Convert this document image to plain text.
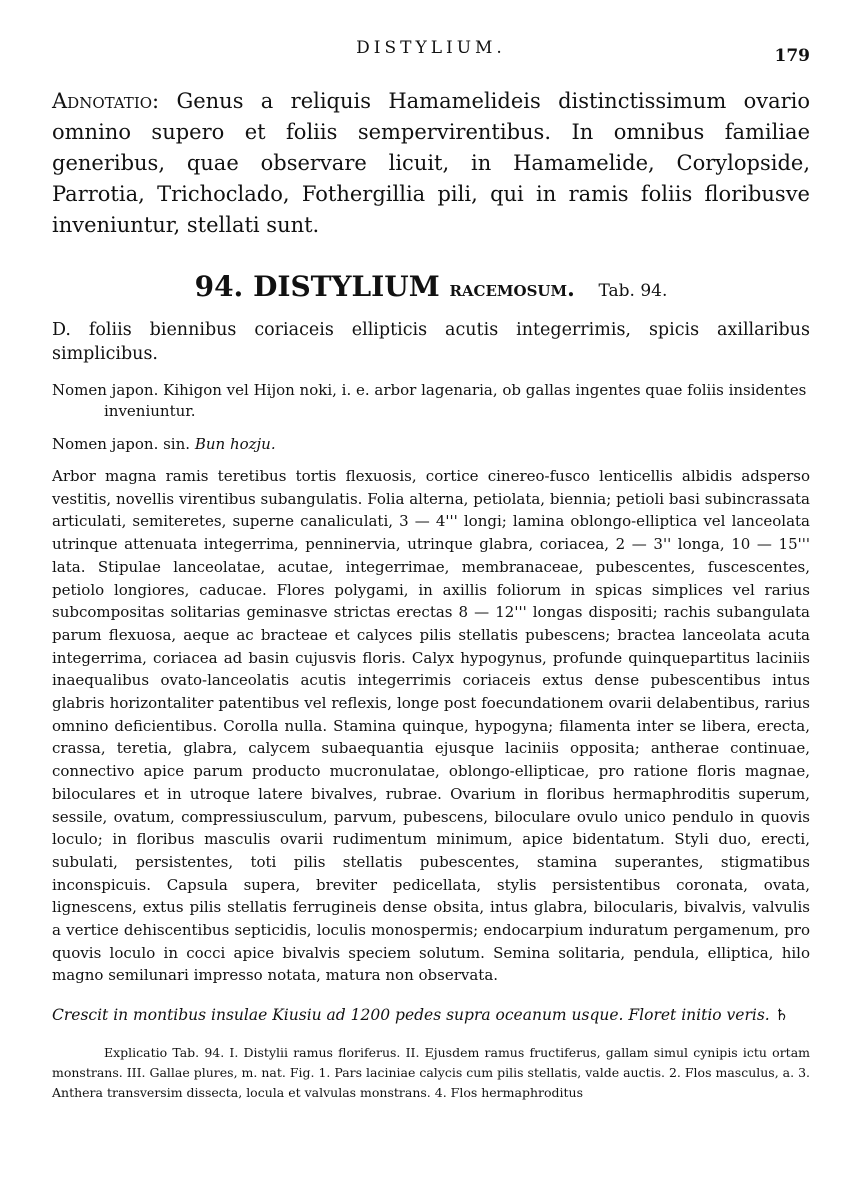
DISTYLIUM.	179

Adnotatio: Genus a reliquis Hamamelideis distinctissimum ovario omnino supero et foliis sempervirentibus. In omnibus familiae generibus, quae observare licuit, in Hamamelide, Corylopside, Parrotia, Trichoclado, Fothergillia pili, qui in ramis foliis floribusve inveniuntur, stellati sunt.

94. DISTYLIUM racemosum. Tab. 94.
D. foliis biennibus coriaceis ellipticis acutis integerrimis, spicis axillaribus simplicibus.
Nomen japon. Kihigon vel Hijon noki, i. e. arbor lagenaria, ob gallas ingentes quae foliis insidentes inveniuntur.
Nomen japon. sin. Bun hozju.

Arbor magna ramis teretibus tortis flexuosis, cortice cinereo-fusco lenticellis albidis adsperso vestitis, novellis virentibus subangulatis. Folia alterna, petiolata, biennia; petioli basi subincrassata articulati, semiteretes, superne canaliculati, 3 — 4''' longi; lamina oblongo-elliptica vel lanceolata utrinque attenuata integerrima, penninervia, utrinque glabra, coriacea, 2 — 3'' longa, 10 — 15''' lata. Stipulae lanceolatae, acutae, integerrimae, membranaceae, pubescentes, fuscescentes, petiolo longiores, caducae. Flores polygami, in axillis foliorum in spicas simplices vel rarius subcompositas solitarias geminasve strictas erectas 8 — 12''' longas dispositi; rachis subangulata parum flexuosa, aeque ac bracteae et calyces pilis stellatis pubescens; bractea lanceolata acuta integerrima, coriacea ad basin cujusvis floris. Calyx hypogynus, profunde quinquepartitus laciniis inaequalibus ovato-lanceolatis acutis integerrimis coriaceis extus dense pubescentibus intus glabris horizontaliter patentibus vel reflexis, longe post foecundationem ovarii delabentibus, rarius omnino deficientibus. Corolla nulla. Stamina quinque, hypogyna; filamenta inter se libera, erecta, crassa, teretia, glabra, calycem subaequantia ejusque laciniis opposita; antherae continuae, connectivo apice parum producto mucronulatae, oblongo-ellipticae, pro ratione floris magnae, biloculares et in utroque latere bivalves, rubrae. Ovarium in floribus hermaphroditis superum, sessile, ovatum, compressiusculum, parvum, pubescens, biloculare ovulo unico pendulo in quovis loculo; in floribus masculis ovarii rudimentum minimum, apice bidentatum. Styli duo, erecti, subulati, persistentes, toti pilis stellatis pubescentes, stamina superantes, stigmatibus inconspicuis. Capsula supera, breviter pedicellata, stylis persistentibus coronata, ovata, lignescens, extus pilis stellatis ferrugineis dense obsita, intus glabra, bilocularis, bivalvis, valvulis a vertice dehiscentibus septicidis, loculis monospermis; endocarpium induratum pergamenum, pro quovis loculo in cocci apice bivalvis speciem solutum. Semina solitaria, pendula, elliptica, hilo magno semilunari impresso notata, matura non observata.

Crescit in montibus insulae Kiusiu ad 1200 pedes supra oceanum usque. Floret initio veris. ♄

Explicatio Tab. 94. I. Distylii ramus floriferus. II. Ejusdem ramus fructiferus, gallam simul cynipis ictu ortam monstrans. III. Gallae plures, m. nat. Fig. 1. Pars laciniae calycis cum pilis stellatis, valde auctis. 2. Flos masculus, a. 3. Anthera transversim dissecta, locula et valvulas monstrans. 4. Flos hermaphroditus
